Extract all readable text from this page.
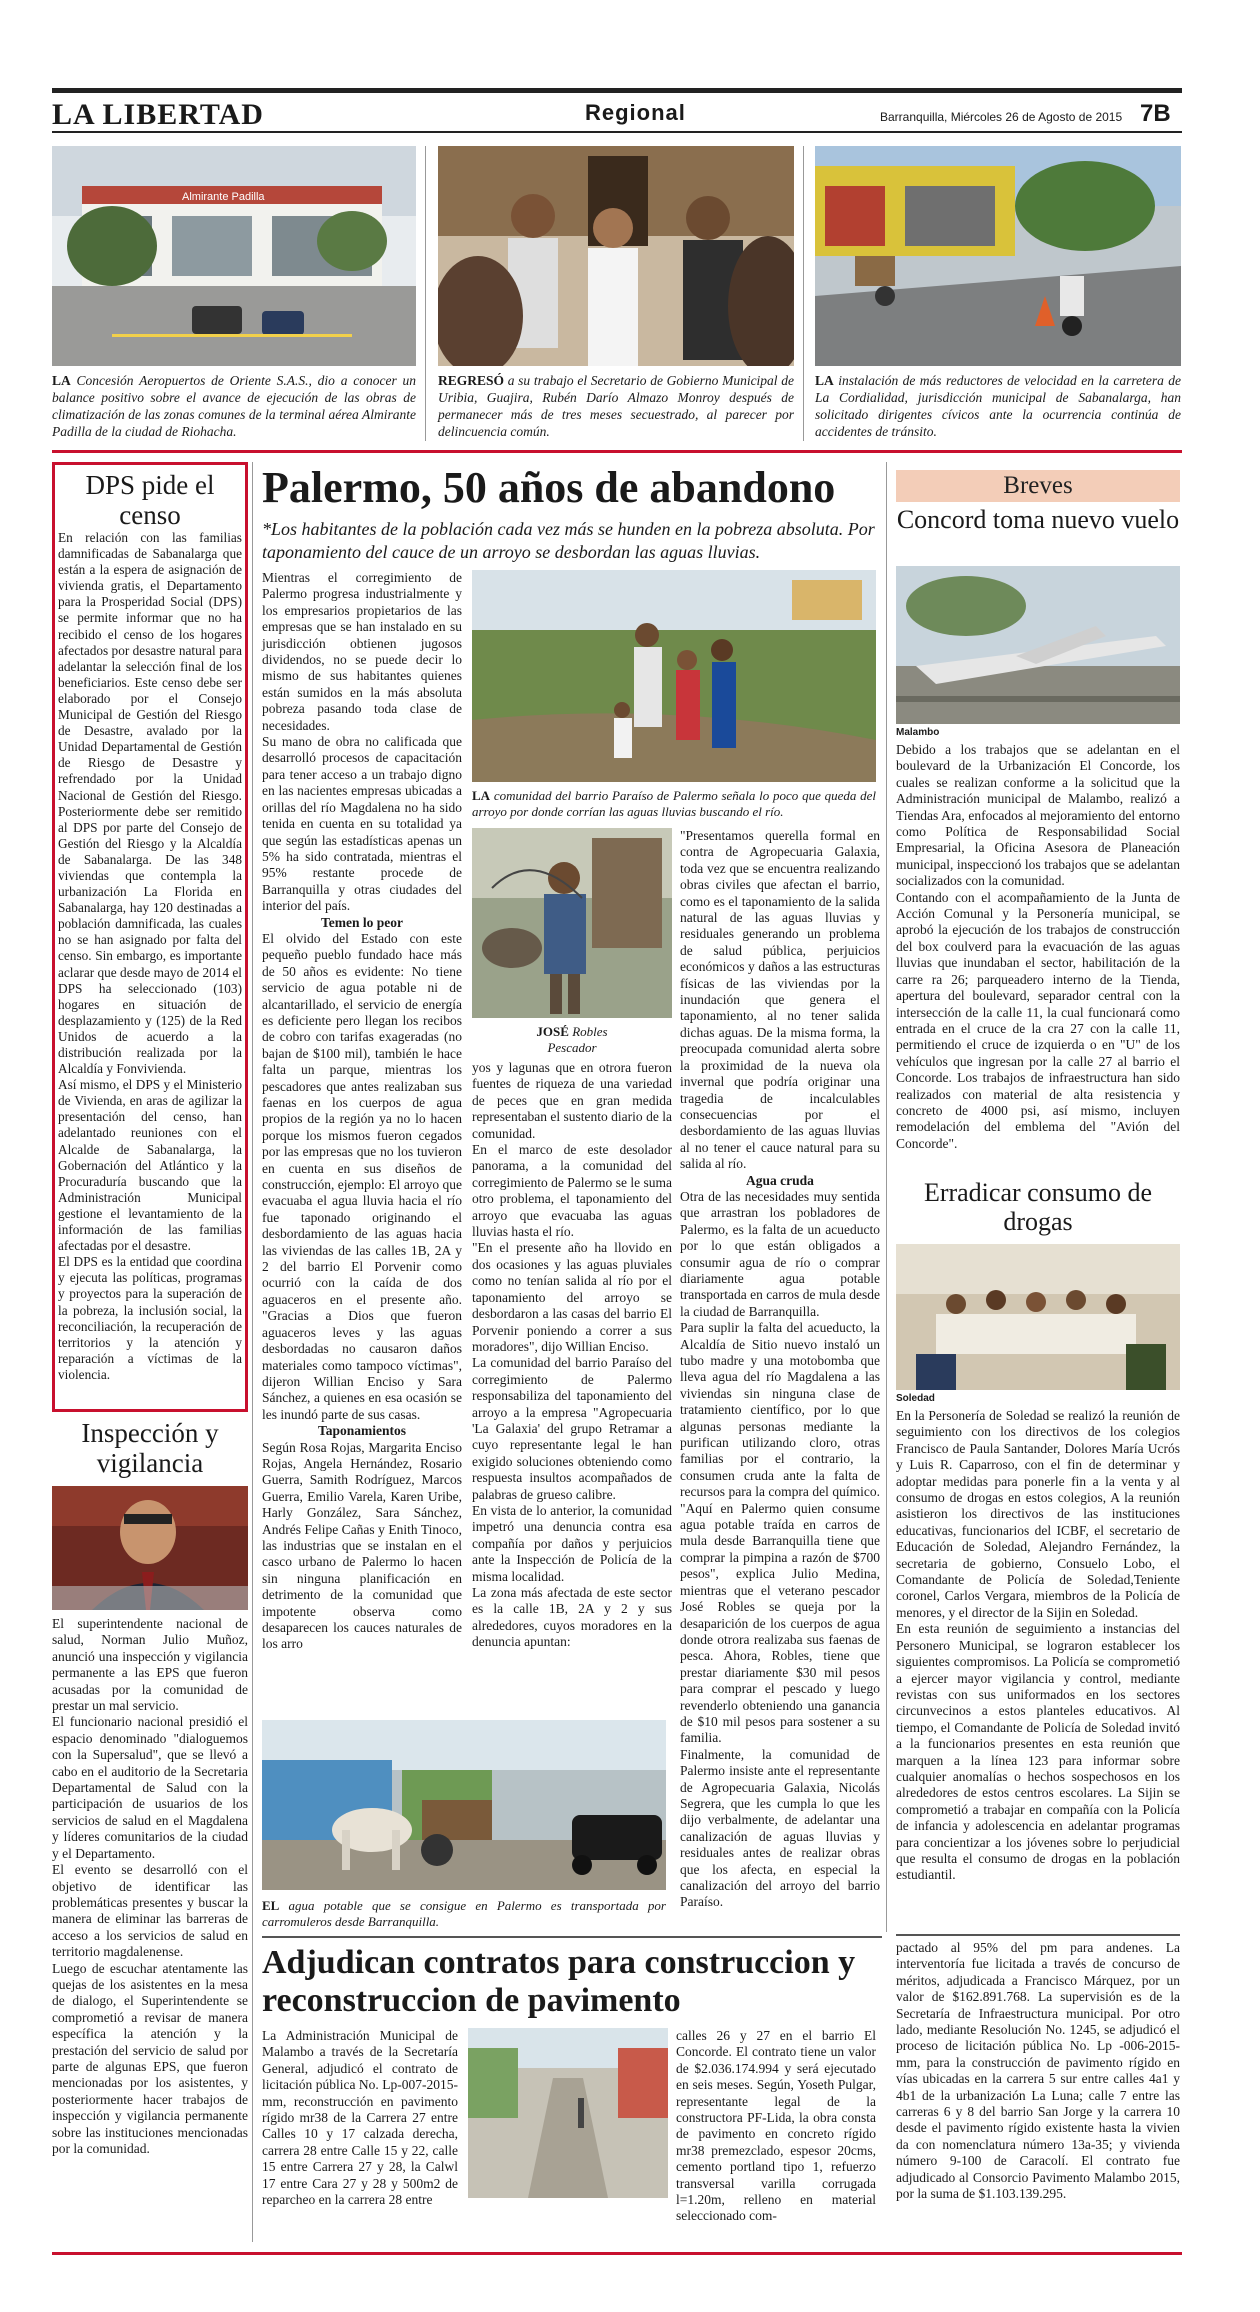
LA LIBERTAD	Regional	Barranquilla, Miércoles 26 de Agosto de 2015 7B
Almirante Padilla
LA Concesión Aeropuertos de Oriente S.A.S., dio a conocer un balance positivo sobre el avance de ejecución de las obras de climatización de las zonas comunes de la terminal aérea Almirante Padilla de la ciudad de Riohacha.
REGRESÓ a su trabajo el Secretario de Gobierno Municipal de Uribia, Guajira, Rubén Darío Almazo Monroy después de permanecer más de tres meses secuestrado, al parecer por delincuencia común.
LA instalación de más reductores de velocidad en la carretera de La Cordialidad, jurisdicción municipal de Sabanalarga, han solicitado dirigentes cívicos ante la ocurrencia continúa de accidentes de tránsito.
DPS pide el censo

En relación con las familias damnificadas de Sabanalarga que están a la espera de asignación de vivienda gratis, el Departamento para la Prosperidad Social (DPS) se permite informar que no ha recibido el censo de los hogares afectados por desastre natural para adelantar la selección final de los beneficiarios. Este censo debe ser elaborado por el Consejo Municipal de Gestión del Riesgo de Desastre, avalado por la Unidad Departamental de Gestión de Riesgo de Desastre y refrendado por la Unidad Nacional de Gestión del Riesgo. Posteriormente debe ser remitido al DPS por parte del Consejo de Gestión del Riesgo y la Alcaldía de Sabanalarga. De las 348 viviendas que contempla la urbanización La Florida en Sabanalarga, hay 120 destinadas a población damnificada, las cuales no se han asignado por falta del censo. Sin embargo, es importante aclarar que desde mayo de 2014 el DPS ha seleccionado (103) hogares en situación de desplazamiento y (125) de la Red Unidos de acuerdo a la distribución realizada por la Alcaldía y Fonvivienda.

Así mismo, el DPS y el Ministerio de Vivienda, en aras de agilizar la presentación del censo, han adelantado reuniones con el Alcalde de Sabanalarga, la Gobernación del Atlántico y la Procuraduría buscando que la Administración Municipal gestione el levantamiento de la información de las familias afectadas por el desastre.

El DPS es la entidad que coordina y ejecuta las políticas, programas y proyectos para la superación de la pobreza, la inclusión social, la reconciliación, la recuperación de territorios y la atención y reparación a víctimas de la violencia.

Inspección y vigilancia

El superintendente nacional de salud, Norman Julio Muñoz, anunció una inspección y vigilancia permanente a las EPS que fueron acusadas por la comunidad de prestar un mal servicio.

El funcionario nacional presidió el espacio denominado "dialoguemos con la Supersalud", que se llevó a cabo en el auditorio de la Secretaria Departamental de Salud con la participación de usuarios de los servicios de salud en el Magdalena y líderes comunitarios de la ciudad y el Departamento.

El evento se desarrolló con el objetivo de identificar las problemáticas presentes y buscar la manera de eliminar las barreras de acceso a los servicios de salud en territorio magdalenense.

Luego de escuchar atentamente las quejas de los asistentes en la mesa de dialogo, el Superintendente se comprometió a revisar de manera específica la atención y la prestación del servicio de salud por parte de algunas EPS, que fueron mencionadas por los asistentes, y posteriormente hacer trabajos de inspección y vigilancia permanente sobre las instituciones mencionadas por la comunidad.

Palermo, 50 años de abandono
*Los habitantes de la población cada vez más se hunden en la pobreza absoluta. Por taponamiento del cauce de un arroyo se desbordan las aguas lluvias.

Mientras el corregimiento de Palermo progresa industrialmente y los empresarios propietarios de las empresas que se han instalado en su jurisdicción obtienen jugosos dividendos, no se puede decir lo mismo de sus habitantes quienes están sumidos en la más absoluta pobreza pasando toda clase de necesidades.

Su mano de obra no calificada que desarrolló procesos de capacitación para tener acceso a un trabajo digno en las nacientes empresas ubicadas a orillas del río Magdalena no ha sido tenida en cuenta en su totalidad ya que según las estadísticas apenas un 5% ha sido contratada, mientras el 95% restante procede de Barranquilla y otras ciudades del interior del país.

Temen lo peor

El olvido del Estado con este pequeño pueblo fundado hace más de 50 años es evidente: No tiene servicio de agua potable ni de alcantarillado, el servicio de energía es deficiente pero llegan los recibos de cobro con tarifas exageradas (no bajan de $100 mil), también le hace falta un parque, mientras los pescadores que antes realizaban sus faenas en los cuerpos de agua propios de la región ya no lo hacen porque los mismos fueron cegados por las empresas que no los tuvieron en cuenta en sus diseños de construcción, ejemplo: El arroyo que evacuaba el agua lluvia hacia el río fue taponado originando el desbordamiento de las aguas hacia las viviendas de las calles 1B, 2A y 2 del barrio El Porvenir como ocurrió con la caída de dos aguaceros en el presente año. "Gracias a Dios que fueron aguaceros leves y las aguas desbordadas no causaron daños materiales como tampoco víctimas", dijeron Willian Enciso y Sara Sánchez, a quienes en esa ocasión se les inundó parte de sus casas.

Taponamientos

Según Rosa Rojas, Margarita Enciso Rojas, Angela Hernández, Rosario Guerra, Samith Rodríguez, Marcos Guerra, Emilio Varela, Karen Uribe, Harly González, Sara Sánchez, Andrés Felipe Cañas y Enith Tinoco, las industrias que se instalan en el casco urbano de Palermo lo hacen sin ninguna planificación en detrimento de la comunidad que impotente observa como desaparecen los cauces naturales de los arro

LA comunidad del barrio Paraíso de Palermo señala lo poco que queda del arroyo por donde corrían las aguas lluvias buscando el río.
JOSÉ Robles
Pescador

yos y lagunas que en otrora fueron fuentes de riqueza de una variedad de peces que en gran medida representaban el sustento diario de la comunidad.

En el marco de este desolador panorama, a la comunidad del corregimiento de Palermo se le suma otro problema, el taponamiento del arroyo que evacuaba las aguas lluvias hasta el río.

"En el presente año ha llovido en dos ocasiones y las aguas pluviales como no tenían salida al río por el taponamiento del arroyo se desbordaron a las casas del barrio El Porvenir poniendo a correr a sus moradores", dijo Willian Enciso.

La comunidad del barrio Paraíso del corregimiento de Palermo responsabiliza del taponamiento del arroyo a la empresa "Agropecuaria 'La Galaxia' del grupo Retramar a cuyo representante legal le han exigido soluciones obteniendo como respuesta insultos acompañados de palabras de grueso calibre.

En vista de lo anterior, la comunidad impetró una denuncia contra esa compañía por daños y perjuicios ante la Inspección de Policía de la misma localidad.

La zona más afectada de este sector es la calle 1B, 2A y 2 y sus alrededores, cuyos moradores en la denuncia apuntan:

"Presentamos querella formal en contra de Agropecuaria Galaxia, toda vez que se encuentra realizando obras civiles que afectan el barrio, como es el taponamiento de la salida natural de las aguas lluvias y residuales generando un problema de salud pública, perjuicios económicos y daños a las estructuras físicas de las viviendas por la inundación que genera el taponamiento, al no tener salida dichas aguas. De la misma forma, la preocupada comunidad alerta sobre la proximidad de la nueva ola invernal que podría originar una tragedia de incalculables consecuencias por el desbordamiento de las aguas lluvias al no tener el cauce natural para su salida al río.

Agua cruda

Otra de las necesidades muy sentida que arrastran los pobladores de Palermo, es la falta de un acueducto por lo que están obligados a consumir agua de río o comprar diariamente agua potable transportada en carros de mula desde la ciudad de Barranquilla.

Para suplir la falta del acueducto, la Alcaldía de Sitio nuevo instaló un tubo madre y una motobomba que lleva agua del río Magdalena a las viviendas sin ninguna clase de tratamiento científico, por lo que algunas personas mediante la purifican utilizando cloro, otras familias por el contrario, la consumen cruda ante la falta de recursos para la compra del químico. "Aquí en Palermo quien consume agua potable traída en carros de mula desde Barranquilla tiene que comprar la pimpina a razón de $700 pesos", explica Julio Medina, mientras que el veterano pescador José Robles se queja por la desaparición de los cuerpos de agua donde otrora realizaba sus faenas de pesca. Ahora, Robles, tiene que prestar diariamente $30 mil pesos para comprar el pescado y luego revenderlo obteniendo una ganancia de $10 mil pesos para sostener a su familia.

Finalmente, la comunidad de Palermo insiste ante el representante de Agropecuaria Galaxia, Nicolás Segrera, que les cumpla lo que les dijo verbalmente, de adelantar una canalización de aguas lluvias y residuales antes de realizar obras que los afecta, en especial la canalización del arroyo del barrio Paraíso.

EL agua potable que se consigue en Palermo es transportada por carromuleros desde Barranquilla.
Adjudican contratos para construccion y reconstruccion de pavimento
La Administración Municipal de Malambo a través de la Secretaría General, adjudicó el contrato de licitación pública No. Lp-007-2015-mm, reconstrucción en pavimento rígido mr38 de la Carrera 27 entre Calles 10 y 17 calzada derecha, carrera 28 entre Calle 15 y 22, calle 15 entre Carrera 27 y 28, la Calwl 17 entre Cara 27 y 28 y 500m2 de reparcheo en la carrera 28 entre
calles 26 y 27 en el barrio El Concorde. El contrato tiene un valor de $2.036.174.994 y será ejecutado en seis meses. Según, Yoseth Pulgar, representante legal de la constructora PF-Lida, la obra consta de pavimento en concreto rígido mr38 premezclado, espesor 20cms, cemento portland tipo 1, refuerzo transversal varilla corrugada l=1.20m, relleno en material seleccionado com-
Breves
Concord toma nuevo vuelo
Malambo

Debido a los trabajos que se adelantan en el boulevard de la Urbanización El Concorde, los cuales se realizan conforme a la solicitud que la Administración municipal de Malambo, realizó a Tiendas Ara, enfocados al mejoramiento del entorno como Política de Responsabilidad Social Empresarial, la Oficina Asesora de Planeación municipal, inspeccionó los trabajos que se adelantan socializados con la comunidad.

Contando con el acompañamiento de la Junta de Acción Comunal y la Personería municipal, se aprobó la ejecución de los trabajos de construcción del box coulverd para la evacuación de las aguas lluvias que inundaban el sector, habilitación de la carre ra 26; parqueadero interno de la Tienda, apertura del boulevard, separador central con la intersección de la calle 11, la cual funcionará como entrada en el cruce de la cra 27 con la calle 11, permitiendo el cruce de izquierda o en "U" de los vehículos que ingresan por la calle 27 al barrio el Concorde. Los trabajos de infraestructura han sido realizados con material de alta resistencia y concreto de 4000 psi, así mismo, incluyen remodelación del emblema del "Avión del Concorde".

Erradicar consumo de drogas
Soledad

En la Personería de Soledad se realizó la reunión de seguimiento con los directivos de los colegios Francisco de Paula Santander, Dolores María Ucrós y Luis R. Caparroso, con el fin de determinar y adoptar medidas para ponerle fin a la venta y al consumo de drogas en estos colegios, A la reunión asistieron los directivos de las instituciones educativas, funcionarios del ICBF, el secretario de Educación de Soledad, Alejandro Fernández, la secretaria de gobierno, Consuelo Lobo, el Comandante de Policía de Soledad,Teniente coronel, Carlos Vergara, miembros de la Policía de menores, y el director de la Sijin en Soledad.

En esta reunión de seguimiento a instancias del Personero Municipal, se lograron establecer los siguientes compromisos. La Policía se comprometió a ejercer mayor vigilancia y control, mediante revistas con sus uniformados en los sectores circunvecinos a estos planteles educativos. Al tiempo, el Comandante de Policía de Soledad invitó a la funcionarios presentes en esta reunión que marquen a la línea 123 para informar sobre cualquier anomalías o hechos sospechosos en los alrededores de estos centros escolares. La Sijin se comprometió a trabajar en compañía con la Policía de infancia y adolescencia en adelantar programas para concientizar a los jóvenes sobre lo perjudicial que resulta el consumo de drogas en la población estudiantil.

pactado al 95% del pm para andenes. La interventoría fue licitada a través de concurso de méritos, adjudicada a Francisco Márquez, por un valor de $162.891.768. La supervisión es de la Secretaría de Infraestructura municipal. Por otro lado, mediante Resolución No. 1245, se adjudicó el proceso de licitación pública No. Lp -006-2015- mm, para la construcción de pavimento rígido en vías ubicadas en la carrera 5 sur entre calles 4a1 y 4b1 de la urbanización La Luna; calle 7 entre las carreras 6 y 8 del barrio San Jorge y la carrera 10 desde el pavimento rígido existente hasta la vivien da con nomenclatura número 13a-35; y vivienda número 9-100 de Caracolí. El contrato fue adjudicado al Consorcio Pavimento Malambo 2015, por la suma de $1.103.139.295.
